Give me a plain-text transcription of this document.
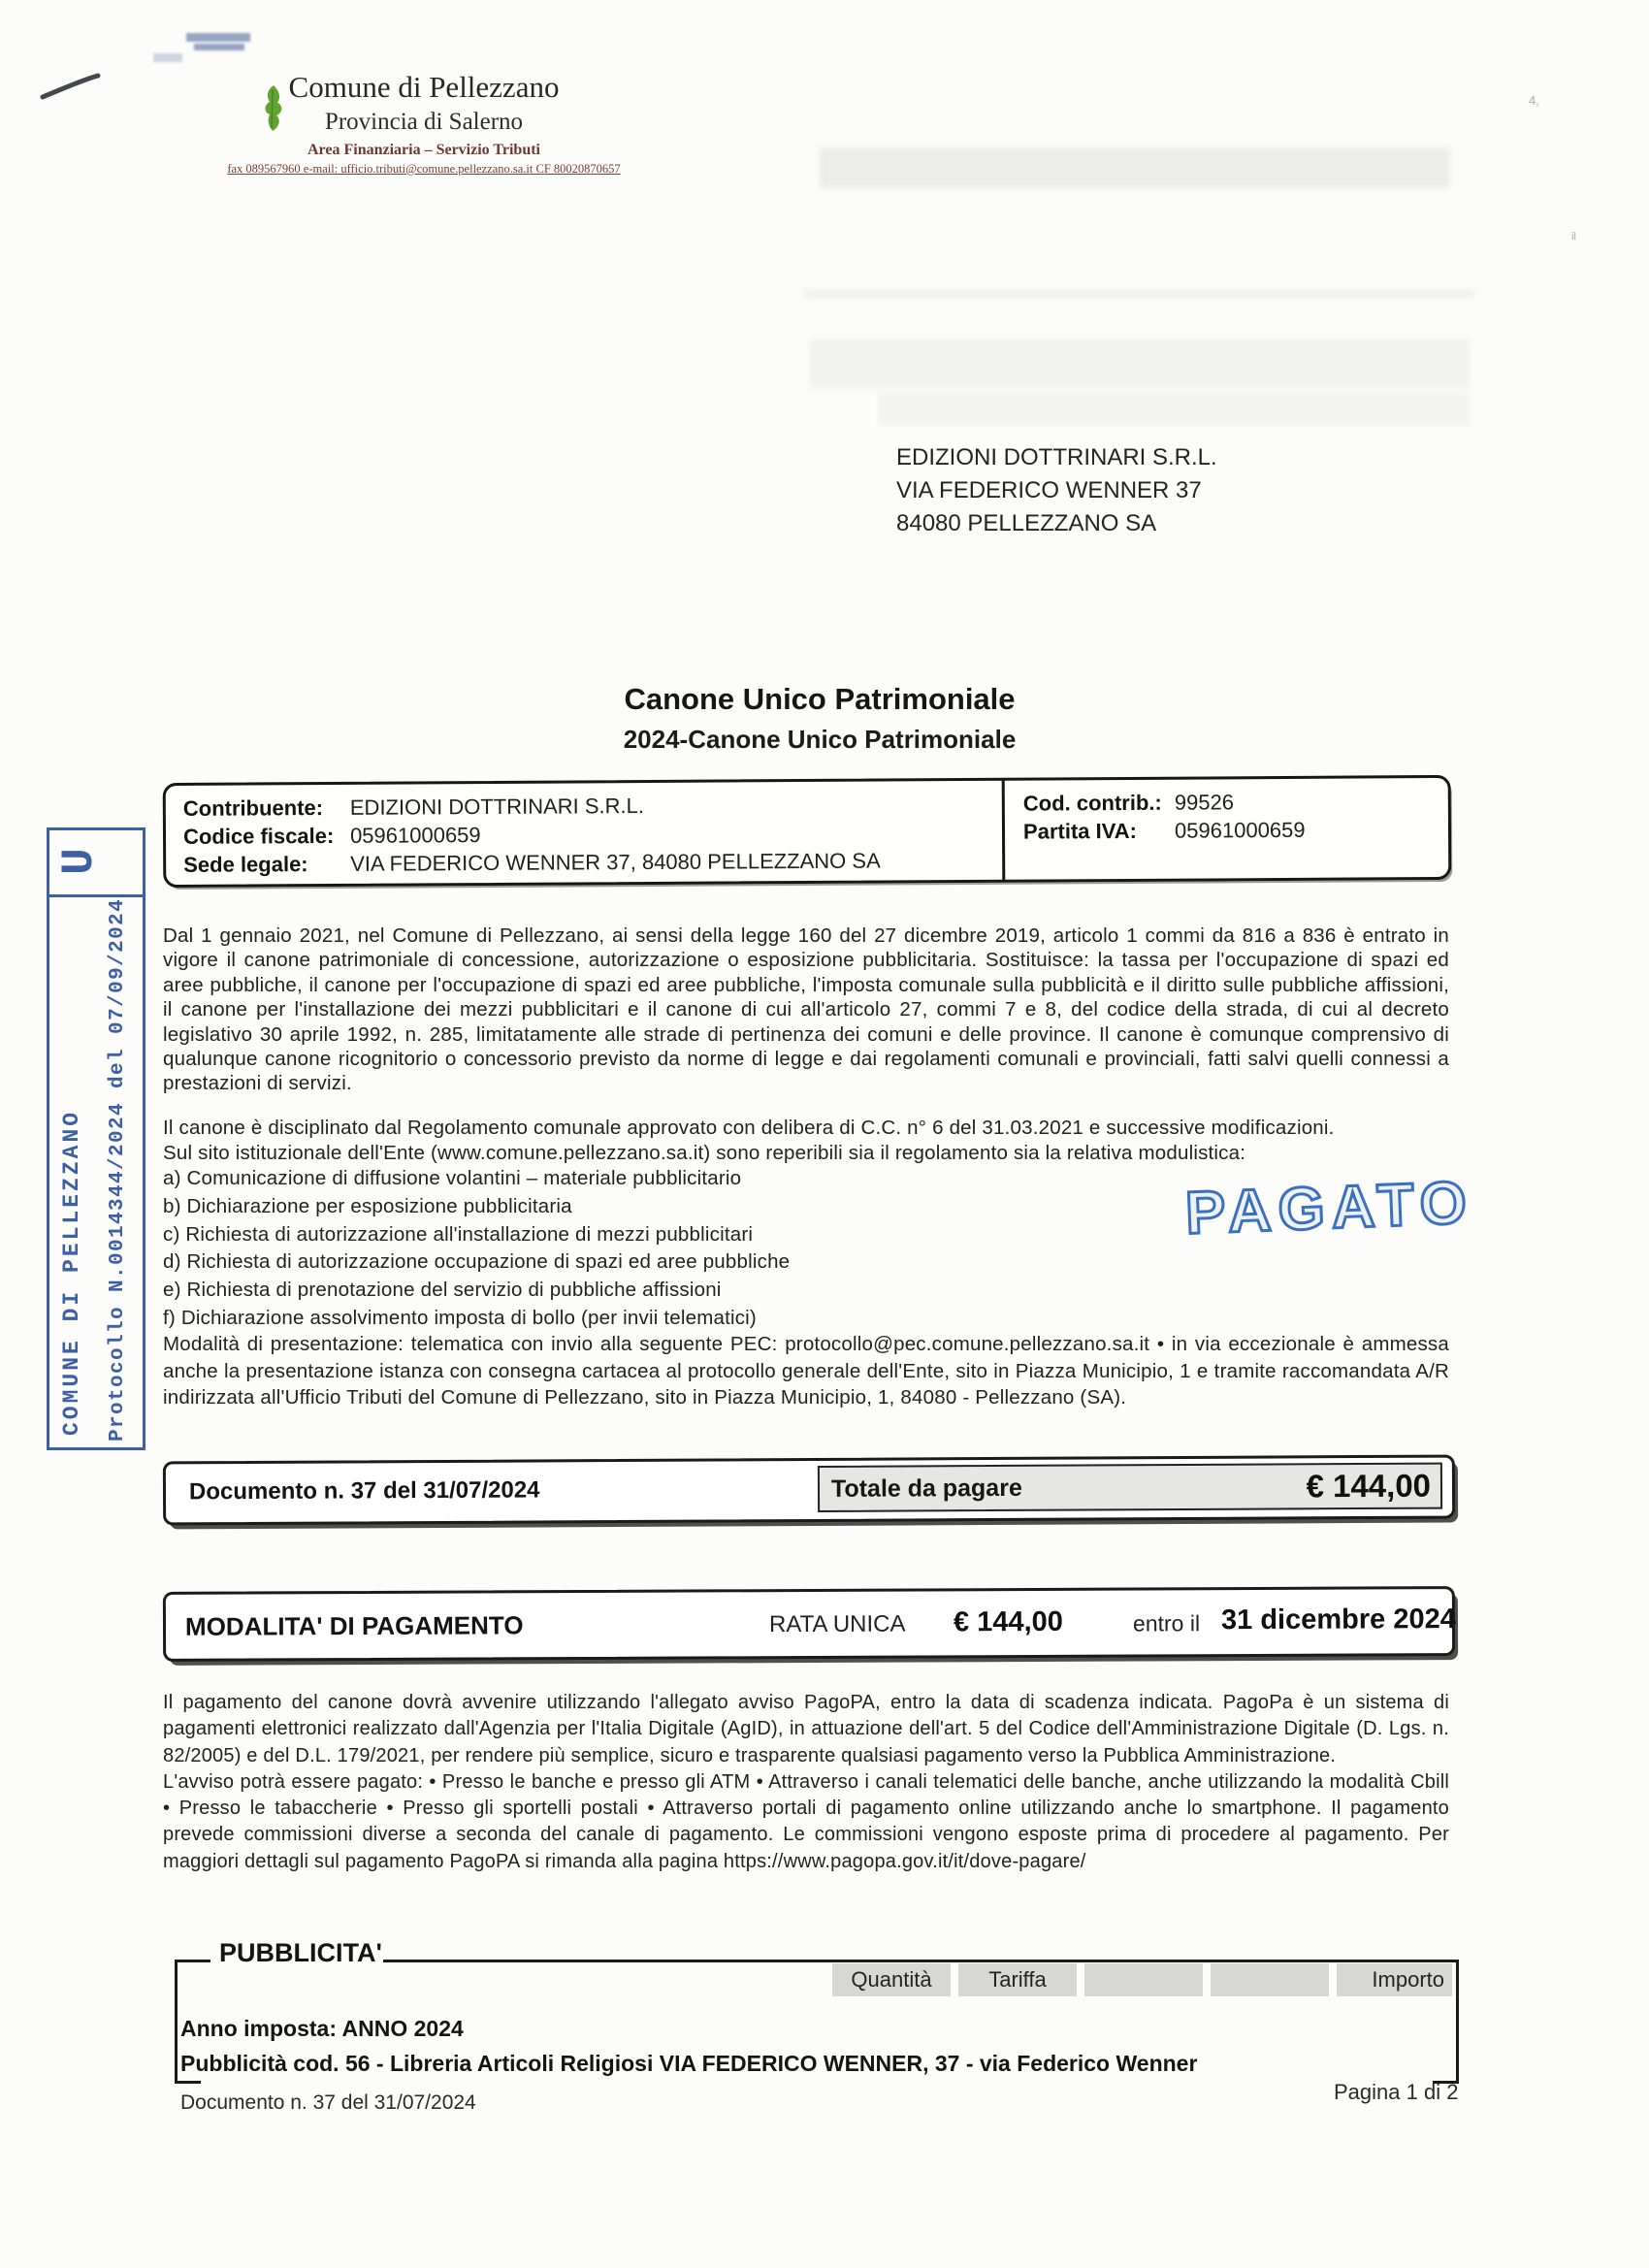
4,
il
Comune di Pellezzano
Provincia di Salerno
Area Finanziaria – Servizio Tributi
fax 089567960 e-mail: ufficio.tributi@comune.pellezzano.sa.it CF 80020870657
EDIZIONI DOTTRINARI S.R.L.
VIA FEDERICO WENNER 37
84080 PELLEZZANO SA
Canone Unico Patrimoniale
2024-Canone Unico Patrimoniale
Contribuente: EDIZIONI DOTTRINARI S.R.L.
Codice fiscale: 05961000659
Sede legale: VIA FEDERICO WENNER 37, 84080 PELLEZZANO SA
Cod. contrib.: 99526
Partita IVA: 05961000659
Dal 1 gennaio 2021, nel Comune di Pellezzano, ai sensi della legge 160 del 27 dicembre 2019, articolo 1 commi da 816 a 836 è entrato in vigore il canone patrimoniale di concessione, autorizzazione o esposizione pubblicitaria. Sostituisce: la tassa per l'occupazione di spazi ed aree pubbliche, il canone per l'occupazione di spazi ed aree pubbliche, l'imposta comunale sulla pubblicità e il diritto sulle pubbliche affissioni, il canone per l'installazione dei mezzi pubblicitari e il canone di cui all'articolo 27, commi 7 e 8, del codice della strada, di cui al decreto legislativo 30 aprile 1992, n. 285, limitatamente alle strade di pertinenza dei comuni e delle province. Il canone è comunque comprensivo di qualunque canone ricognitorio o concessorio previsto da norme di legge e dai regolamenti comunali e provinciali, fatti salvi quelli connessi a prestazioni di servizi.
Il canone è disciplinato dal Regolamento comunale approvato con delibera di C.C. n° 6 del 31.03.2021 e successive modificazioni.
Sul sito istituzionale dell'Ente (www.comune.pellezzano.sa.it) sono reperibili sia il regolamento sia la relativa modulistica:
a) Comunicazione di diffusione volantini – materiale pubblicitario
b) Dichiarazione per esposizione pubblicitaria
c) Richiesta di autorizzazione all'installazione di mezzi pubblicitari
d) Richiesta di autorizzazione occupazione di spazi ed aree pubbliche
e) Richiesta di prenotazione del servizio di pubbliche affissioni
f) Dichiarazione assolvimento imposta di bollo (per invii telematici)
Modalità di presentazione: telematica con invio alla seguente PEC: protocollo@pec.comune.pellezzano.sa.it • in via eccezionale è ammessa anche la presentazione istanza con consegna cartacea al protocollo generale dell'Ente, sito in Piazza Municipio, 1 e tramite raccomandata A/R indirizzata all'Ufficio Tributi del Comune di Pellezzano, sito in Piazza Municipio, 1, 84080 - Pellezzano (SA).
PAGATO
Documento n. 37 del 31/07/2024	Totale da pagare	€ 144,00
MODALITA' DI PAGAMENTO	RATA UNICA € 144,00	entro il 31 dicembre 2024
Il pagamento del canone dovrà avvenire utilizzando l'allegato avviso PagoPA, entro la data di scadenza indicata. PagoPa è un sistema di pagamenti elettronici realizzato dall'Agenzia per l'Italia Digitale (AgID), in attuazione dell'art. 5 del Codice dell'Amministrazione Digitale (D. Lgs. n. 82/2005) e del D.L. 179/2021, per rendere più semplice, sicuro e trasparente qualsiasi pagamento verso la Pubblica Amministrazione.
L'avviso potrà essere pagato: • Presso le banche e presso gli ATM • Attraverso i canali telematici delle banche, anche utilizzando la modalità Cbill • Presso le tabaccherie • Presso gli sportelli postali • Attraverso portali di pagamento online utilizzando anche lo smartphone. Il pagamento prevede commissioni diverse a seconda del canale di pagamento. Le commissioni vengono esposte prima di procedere al pagamento. Per maggiori dettagli sul pagamento PagoPA si rimanda alla pagina https://www.pagopa.gov.it/it/dove-pagare/
PUBBLICITA'
Quantità	Tariffa	Importo
Anno imposta: ANNO 2024
Pubblicità cod. 56 - Libreria Articoli Religiosi VIA FEDERICO WENNER, 37 - via Federico Wenner
Documento n. 37 del 31/07/2024	Pagina 1 di 2
U
COMUNE DI PELLEZZANO	Protocollo N.0014344/2024 del 07/09/2024
